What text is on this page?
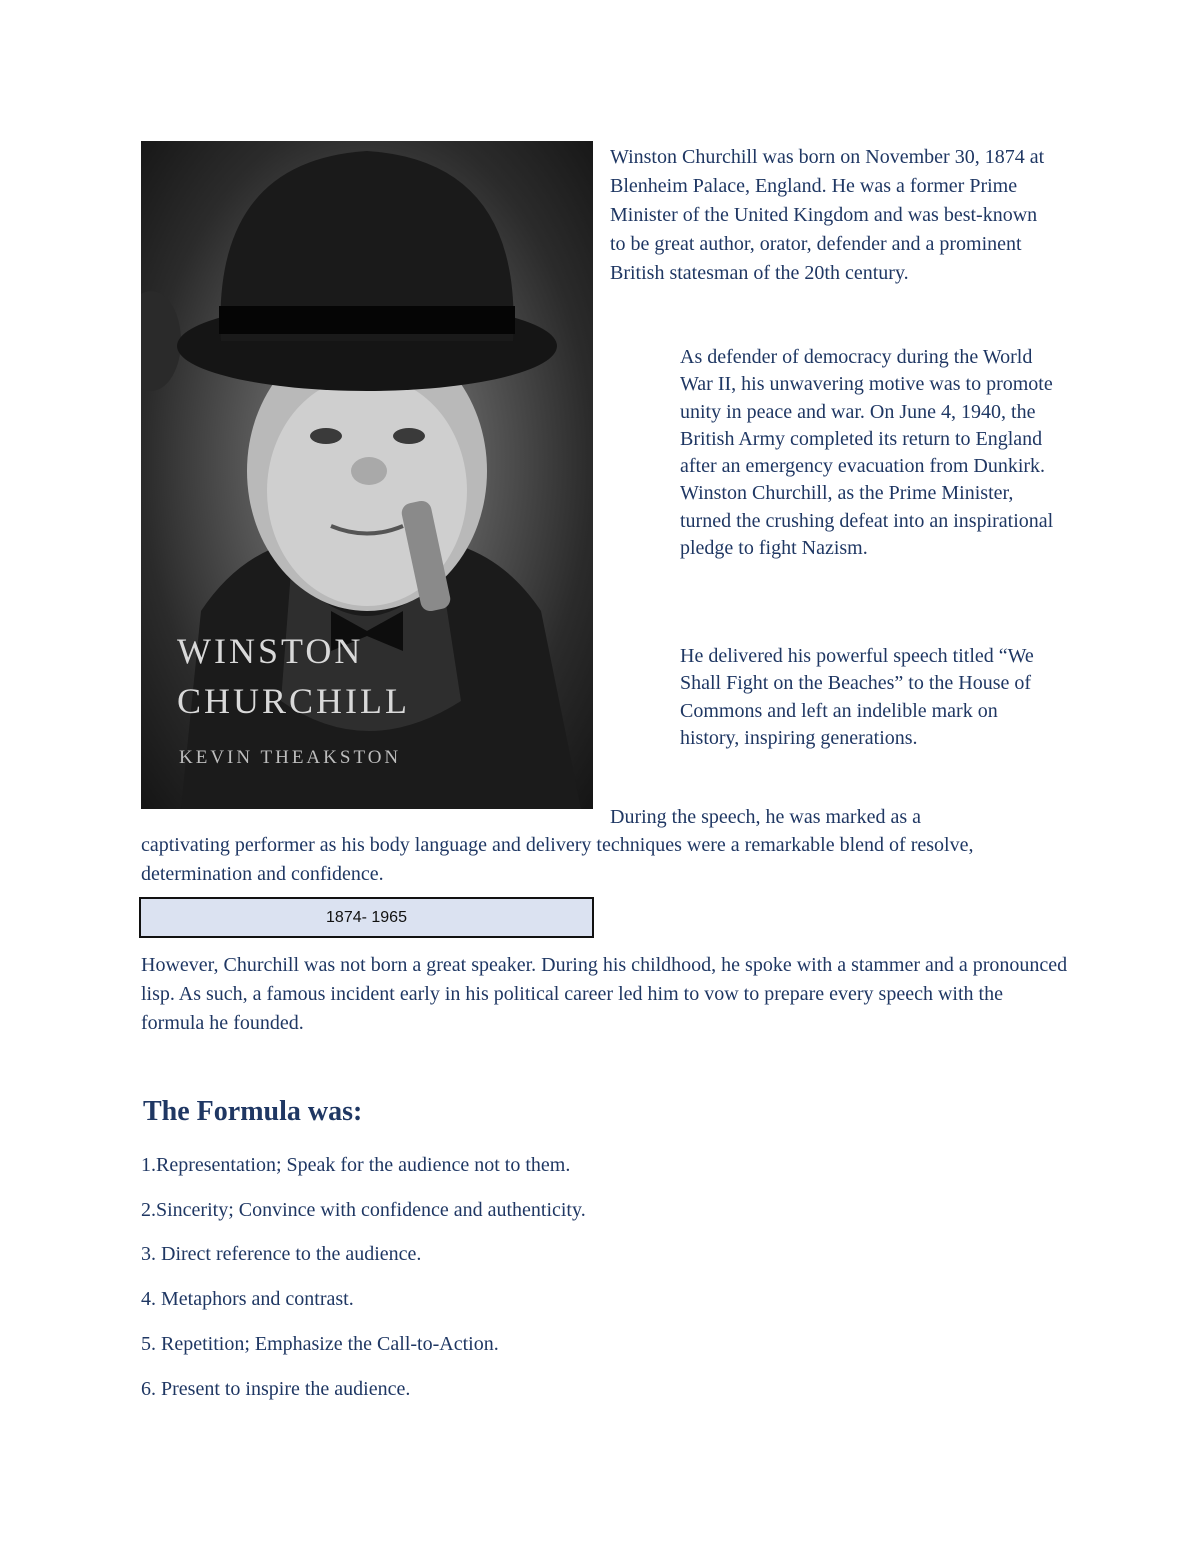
WINSTON
CHURCHILL
KEVIN THEAKSTON

Winston Churchill was born on November 30, 1874 at Blenheim Palace, England. He was a former Prime Minister of the United Kingdom and was best-known to be great author, orator, defender and a prominent British statesman of the 20th century.

As defender of democracy during the World War II, his unwavering motive was to promote unity in peace and war. On June 4, 1940, the British Army completed its return to England after an emergency evacuation from Dunkirk. Winston Churchill, as the Prime Minister, turned the crushing defeat into an inspirational pledge to fight Nazism.

He delivered his powerful speech titled “We Shall Fight on the Beaches” to the House of Commons and left an indelible mark on history, inspiring generations.

During the speech, he was marked as a

captivating performer as his body language and delivery techniques were a remarkable blend of resolve, determination and confidence.

1874- 1965

However, Churchill was not born a great speaker. During his childhood, he spoke with a stammer and a pronounced lisp. As such, a famous incident early in his political career led him to vow to prepare every speech with the formula he founded.

The Formula was:

1.Representation; Speak for the audience not to them.

2.Sincerity; Convince with confidence and authenticity.

3. Direct reference to the audience.

4. Metaphors and contrast.

5. Repetition; Emphasize the Call-to-Action.

6. Present to inspire the audience.
